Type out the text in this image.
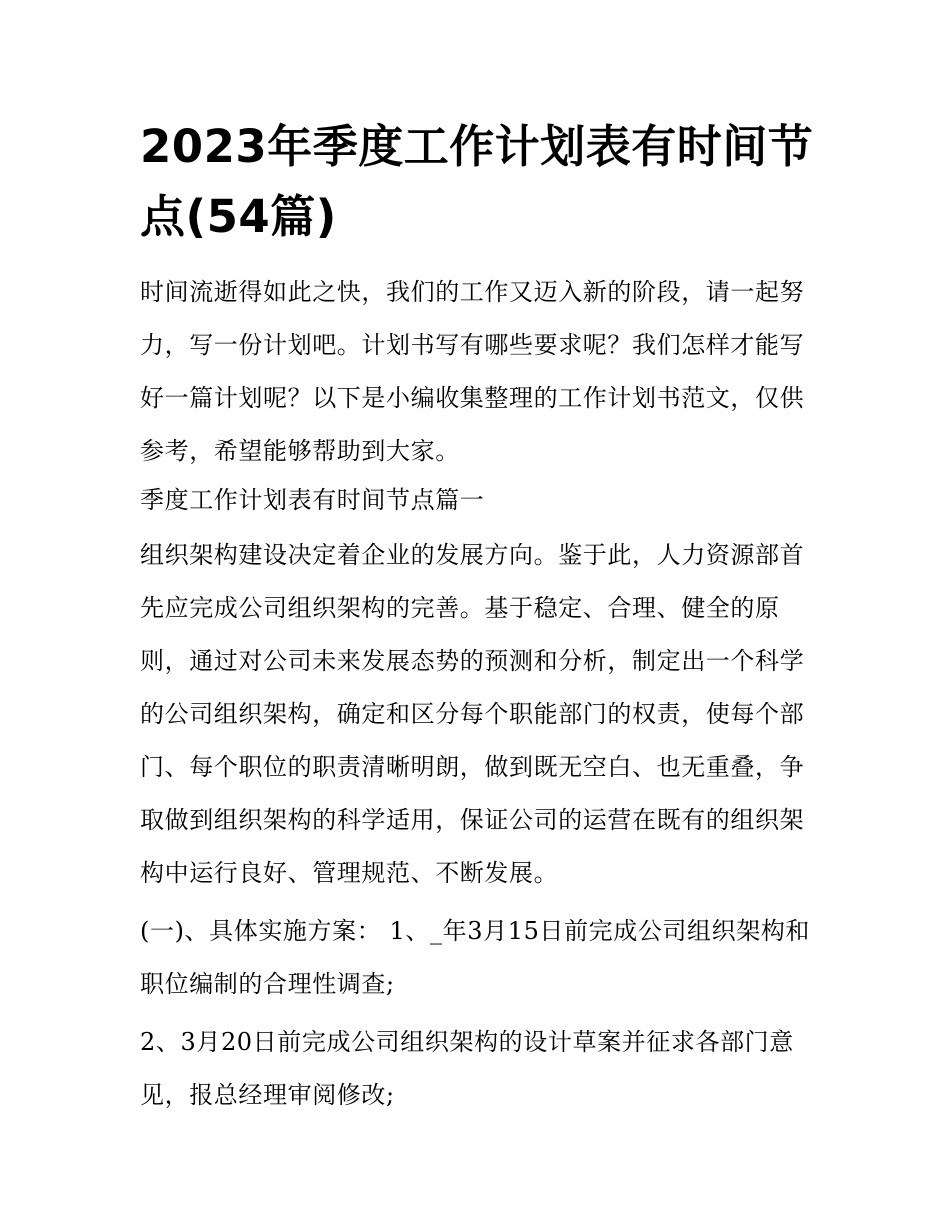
2023年季度工作计划表有时间节点(54篇)

时间流逝得如此之快，我们的工作又迈入新的阶段，请一起努力，写一份计划吧。计划书写有哪些要求呢？我们怎样才能写好一篇计划呢？以下是小编收集整理的工作计划书范文，仅供参考，希望能够帮助到大家。

季度工作计划表有时间节点篇一

组织架构建设决定着企业的发展方向。鉴于此，人力资源部首先应完成公司组织架构的完善。基于稳定、合理、健全的原则，通过对公司未来发展态势的预测和分析，制定出一个科学的公司组织架构，确定和区分每个职能部门的权责，使每个部门、每个职位的职责清晰明朗，做到既无空白、也无重叠，争取做到组织架构的科学适用，保证公司的运营在既有的组织架构中运行良好、管理规范、不断发展。

(一)、具体实施方案： 1、_年3月15日前完成公司组织架构和职位编制的合理性调查;

2、3月20日前完成公司组织架构的设计草案并征求各部门意见，报总经理审阅修改;
